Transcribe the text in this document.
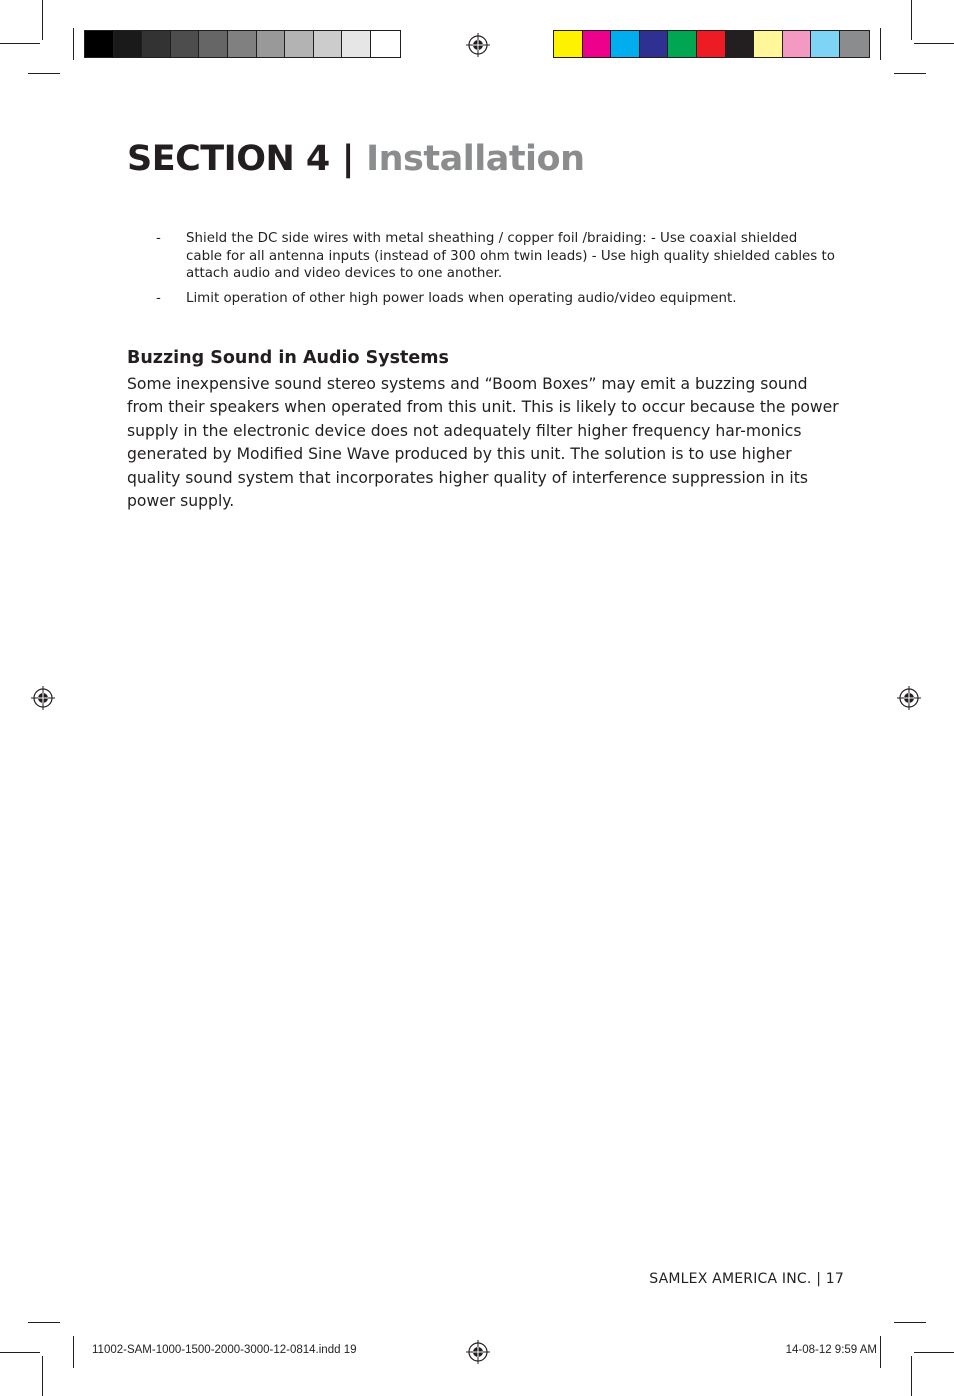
SECTION 4 | Installation
- Shield the DC side wires with metal sheathing / copper foil /braiding: - Use coaxial shielded cable for all antenna inputs (instead of 300 ohm twin leads) - Use high quality shielded cables to attach audio and video devices to one another.
- Limit operation of other high power loads when operating audio/video equipment.
Buzzing Sound in Audio Systems

Some inexpensive sound stereo systems and “Boom Boxes” may emit a buzzing sound from their speakers when operated from this unit. This is likely to occur because the power supply in the electronic device does not adequately filter higher frequency har-monics generated by Modified Sine Wave produced by this unit. The solution is to use higher quality sound system that incorporates higher quality of interference suppression in its power supply.

SAMLEX AMERICA INC. | 17
11002-SAM-1000-1500-2000-3000-12-0814.indd 19	14-08-12 9:59 AM
